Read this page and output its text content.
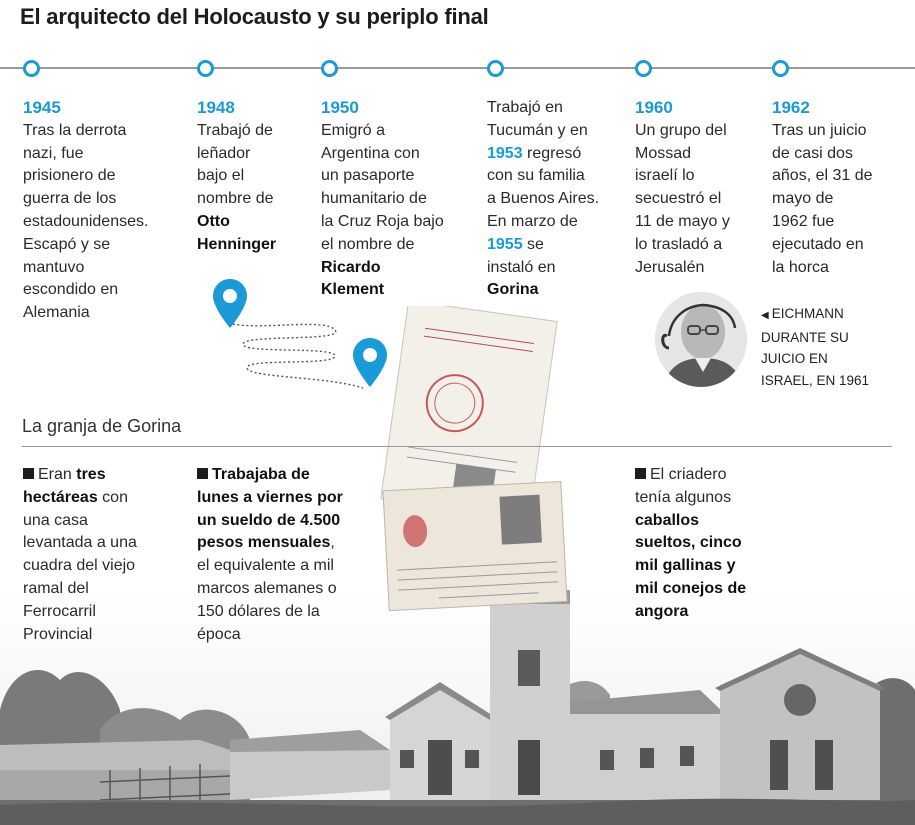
El arquitecto del Holocausto y su periplo final
1945
Tras la derrota
nazi, fue
prisionero de
guerra de los
estadounidenses.
Escapó y se
mantuvo
escondido en
Alemania
1948
Trabajó de
leñador
bajo el
nombre de
Otto
Henninger
1950
Emigró a
Argentina con
un pasaporte
humanitario de
la Cruz Roja bajo
el nombre de
Ricardo
Klement
Trabajó en
Tucumán y en
1953 regresó
con su familia
a Buenos Aires.
En marzo de
1955 se
instaló en
Gorina
1960
Un grupo del
Mossad
israelí lo
secuestró el
11 de mayo y
lo trasladó a
Jerusalén
1962
Tras un juicio
de casi dos
años, el 31 de
mayo de
1962 fue
ejecutado en
la horca
◀ EICHMANN
DURANTE SU
JUICIO EN
ISRAEL, EN 1961
La granja de Gorina
Eran tres
hectáreas con
una casa
levantada a una
cuadra del viejo
ramal del
Ferrocarril
Provincial
Trabajaba de
lunes a viernes por
un sueldo de 4.500
pesos mensuales,
el equivalente a mil
marcos alemanes o
150 dólares de la
época
El criadero
tenía algunos
caballos
sueltos, cinco
mil gallinas y
mil conejos de
angora
